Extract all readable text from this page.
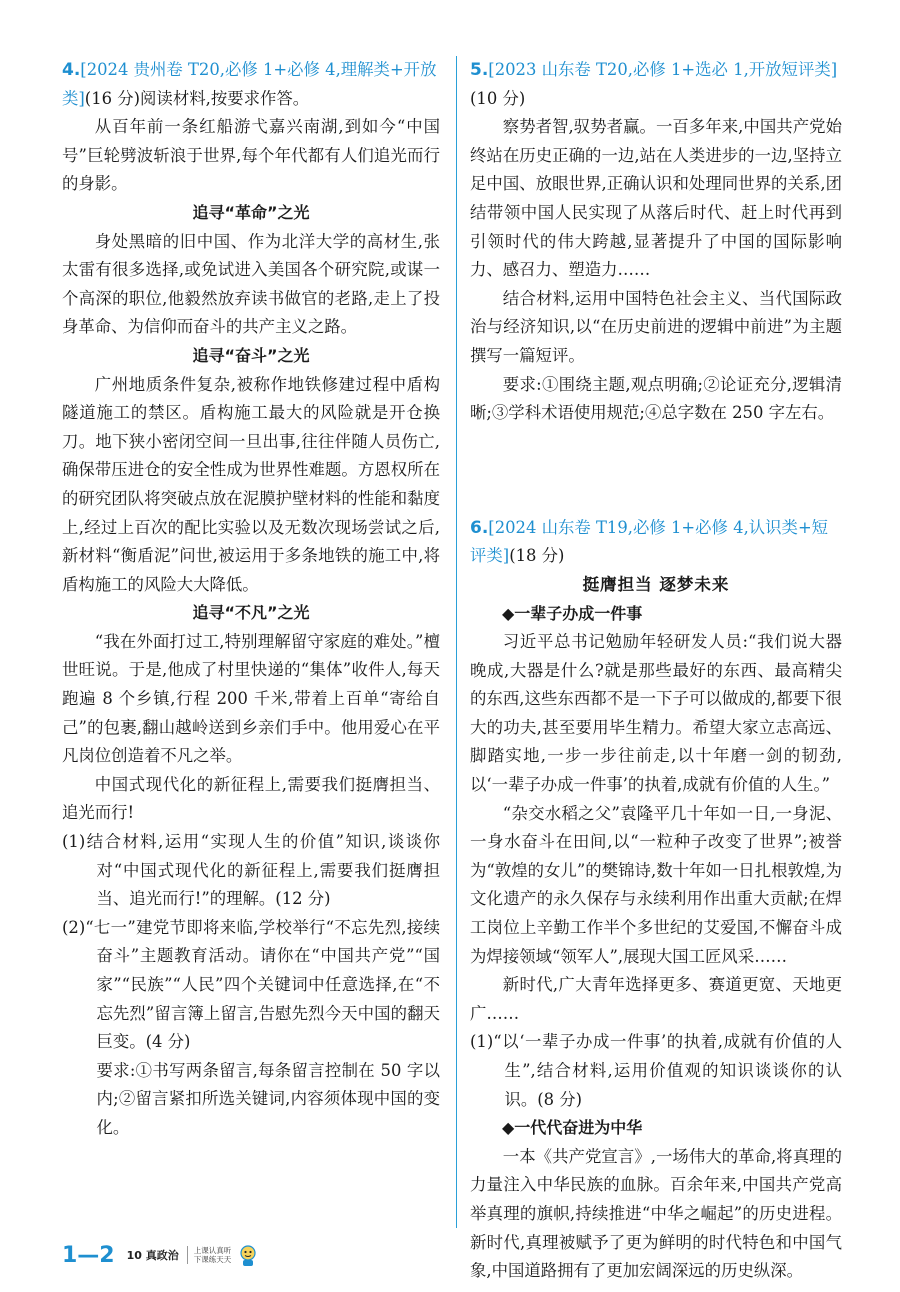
4.[2024 贵州卷 T20,必修 1+必修 4,理解类+开放类](16 分)阅读材料,按要求作答。

从百年前一条红船游弋嘉兴南湖,到如今“中国号”巨轮劈波斩浪于世界,每个年代都有人们追光而行的身影。

追寻“革命”之光

身处黑暗的旧中国、作为北洋大学的高材生,张太雷有很多选择,或免试进入美国各个研究院,或谋一个高深的职位,他毅然放弃读书做官的老路,走上了投身革命、为信仰而奋斗的共产主义之路。

追寻“奋斗”之光

广州地质条件复杂,被称作地铁修建过程中盾构隧道施工的禁区。盾构施工最大的风险就是开仓换刀。地下狭小密闭空间一旦出事,往往伴随人员伤亡,确保带压进仓的安全性成为世界性难题。方恩权所在的研究团队将突破点放在泥膜护壁材料的性能和黏度上,经过上百次的配比实验以及无数次现场尝试之后,新材料“衡盾泥”问世,被运用于多条地铁的施工中,将盾构施工的风险大大降低。

追寻“不凡”之光

“我在外面打过工,特别理解留守家庭的难处。”檀世旺说。于是,他成了村里快递的“集体”收件人,每天跑遍 8 个乡镇,行程 200 千米,带着上百单“寄给自己”的包裹,翻山越岭送到乡亲们手中。他用爱心在平凡岗位创造着不凡之举。

中国式现代化的新征程上,需要我们挺膺担当、追光而行!

(1)结合材料,运用“实现人生的价值”知识,谈谈你对“中国式现代化的新征程上,需要我们挺膺担当、追光而行!”的理解。(12 分)

(2)“七一”建党节即将来临,学校举行“不忘先烈,接续奋斗”主题教育活动。请你在“中国共产党”“国家”“民族”“人民”四个关键词中任意选择,在“不忘先烈”留言簿上留言,告慰先烈今天中国的翻天巨变。(4 分)

要求:①书写两条留言,每条留言控制在 50 字以内;②留言紧扣所选关键词,内容须体现中国的变化。

5.[2023 山东卷 T20,必修 1+选必 1,开放短评类](10 分)

察势者智,驭势者赢。一百多年来,中国共产党始终站在历史正确的一边,站在人类进步的一边,坚持立足中国、放眼世界,正确认识和处理同世界的关系,团结带领中国人民实现了从落后时代、赶上时代再到引领时代的伟大跨越,显著提升了中国的国际影响力、感召力、塑造力……

结合材料,运用中国特色社会主义、当代国际政治与经济知识,以“在历史前进的逻辑中前进”为主题撰写一篇短评。

要求:①围绕主题,观点明确;②论证充分,逻辑清晰;③学科术语使用规范;④总字数在 250 字左右。

6.[2024 山东卷 T19,必修 1+必修 4,认识类+短评类](18 分)

挺膺担当 逐梦未来

◆一辈子办成一件事

习近平总书记勉励年轻研发人员:“我们说大器晚成,大器是什么?就是那些最好的东西、最高精尖的东西,这些东西都不是一下子可以做成的,都要下很大的功夫,甚至要用毕生精力。希望大家立志高远、脚踏实地,一步一步往前走,以十年磨一剑的韧劲,以‘一辈子办成一件事’的执着,成就有价值的人生。”

“杂交水稻之父”袁隆平几十年如一日,一身泥、一身水奋斗在田间,以“一粒种子改变了世界”;被誉为“敦煌的女儿”的樊锦诗,数十年如一日扎根敦煌,为文化遗产的永久保存与永续利用作出重大贡献;在焊工岗位上辛勤工作半个多世纪的艾爱国,不懈奋斗成为焊接领域“领军人”,展现大国工匠风采……

新时代,广大青年选择更多、赛道更宽、天地更广……

(1)“以‘一辈子办成一件事’的执着,成就有价值的人生”,结合材料,运用价值观的知识谈谈你的认识。(8 分)

◆一代代奋进为中华

一本《共产党宣言》,一场伟大的革命,将真理的力量注入中华民族的血脉。百余年来,中国共产党高举真理的旗帜,持续推进“中华之崛起”的历史进程。新时代,真理被赋予了更为鲜明的时代特色和中国气象,中国道路拥有了更加宏阔深远的历史纵深。

1—2 10 真政治 上课认真听
下课练天天
